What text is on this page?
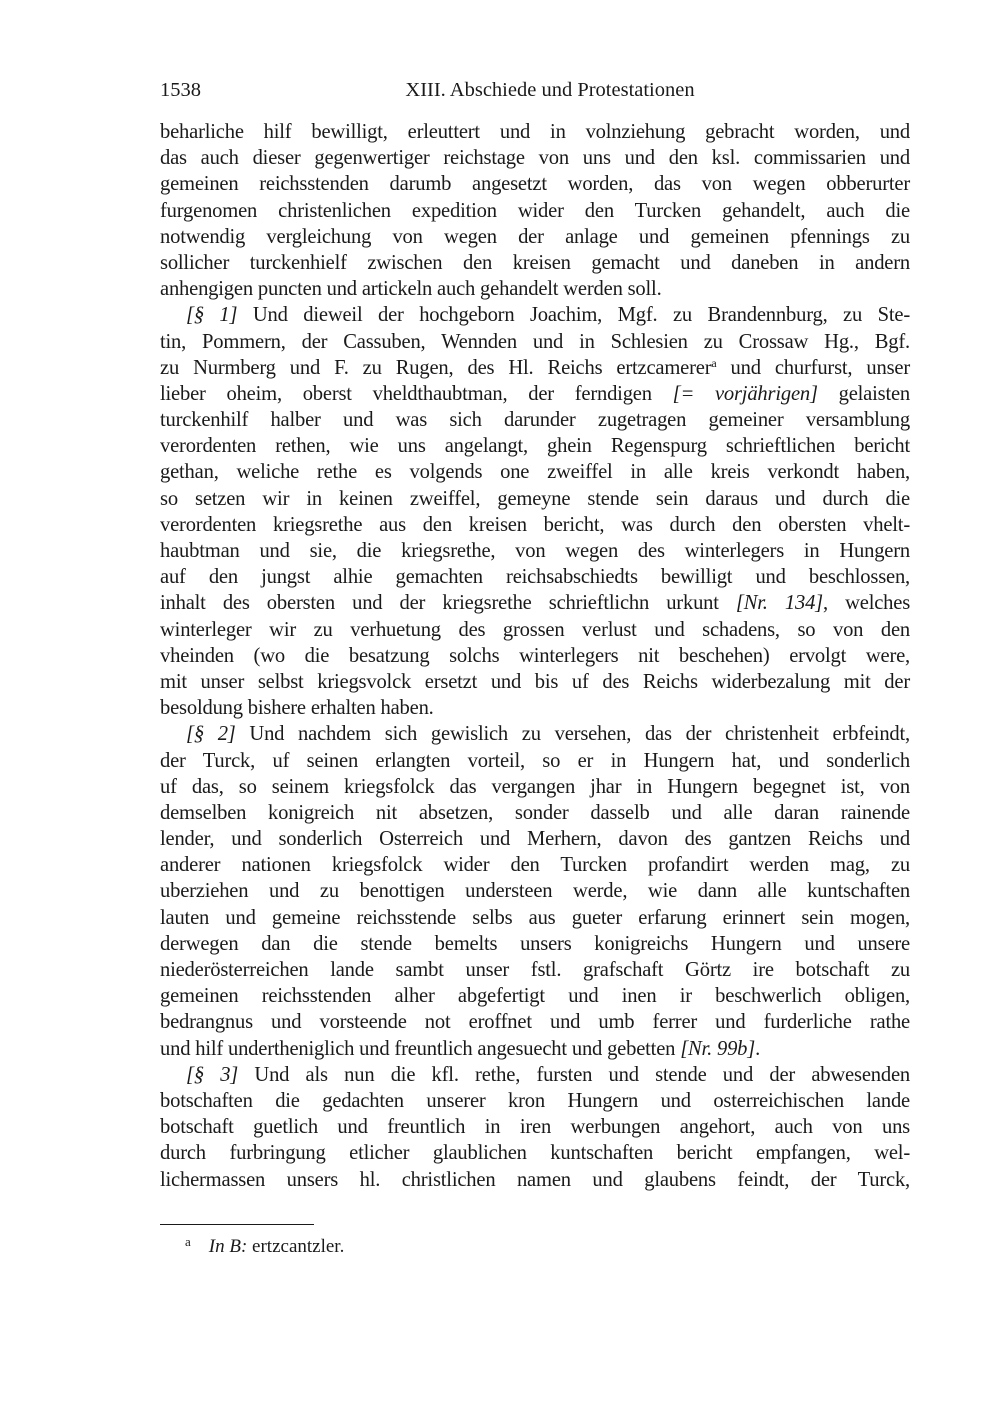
1538	XIII. Abschiede und Protestationen
beharliche hilf bewilligt, erleuttert und in volnziehung gebracht worden, und
das auch dieser gegenwertiger reichstage von uns und den ksl. commissarien und
gemeinen reichsstenden darumb angesetzt worden, das von wegen obberurter
furgenomen christenlichen expedition wider den Turcken gehandelt, auch die
notwendig vergleichung von wegen der anlage und gemeinen pfennings zu
sollicher turckenhielf zwischen den kreisen gemacht und daneben in andern
anhengigen puncten und artickeln auch gehandelt werden soll.
[§ 1] Und dieweil der hochgeborn Joachim, Mgf. zu Brandennburg, zu Ste-
tin, Pommern, der Cassuben, Wennden und in Schlesien zu Crossaw Hg., Bgf.
zu Nurmberg und F. zu Rugen, des Hl. Reichs ertzcamerer$^a$ und churfurst, unser
lieber oheim, oberst vheldthaubtman, der ferndigen [= vorjährigen] gelaisten
turckenhilf halber und was sich darunder zugetragen gemeiner versamblung
verordenten rethen, wie uns angelangt, ghein Regenspurg schrieftlichen bericht
gethan, weliche rethe es volgends one zweiffel in alle kreis verkondt haben,
so setzen wir in keinen zweiffel, gemeyne stende sein daraus und durch die
verordenten kriegsrethe aus den kreisen bericht, was durch den obersten vhelt-
haubtman und sie, die kriegsrethe, von wegen des winterlegers in Hungern
auf den jungst alhie gemachten reichsabschiedts bewilligt und beschlossen,
inhalt des obersten und der kriegsrethe schrieftlichn urkunt [Nr. 134], welches
winterleger wir zu verhuetung des grossen verlust und schadens, so von den
vheinden (wo die besatzung solchs winterlegers nit beschehen) ervolgt were,
mit unser selbst kriegsvolck ersetzt und bis uf des Reichs widerbezalung mit der
besoldung bishere erhalten haben.
[§ 2] Und nachdem sich gewislich zu versehen, das der christenheit erbfeindt,
der Turck, uf seinen erlangten vorteil, so er in Hungern hat, und sonderlich
uf das, so seinem kriegsfolck das vergangen jhar in Hungern begegnet ist, von
demselben konigreich nit absetzen, sonder dasselb und alle daran rainende
lender, und sonderlich Osterreich und Merhern, davon des gantzen Reichs und
anderer nationen kriegsfolck wider den Turcken profandirt werden mag, zu
uberziehen und zu benottigen understeen werde, wie dann alle kuntschaften
lauten und gemeine reichsstende selbs aus gueter erfarung erinnert sein mogen,
derwegen dan die stende bemelts unsers konigreichs Hungern und unsere
niederösterreichen lande sambt unser fstl. grafschaft Görtz ire botschaft zu
gemeinen reichsstenden alher abgefertigt und inen ir beschwerlich obligen,
bedrangnus und vorsteende not eroffnet und umb ferrer und furderliche rathe
und hilf undertheniglich und freuntlich angesuecht und gebetten [Nr. 99b].
[§ 3] Und als nun die kfl. rethe, fursten und stende und der abwesenden
botschaften die gedachten unserer kron Hungern und osterreichischen lande
botschaft guetlich und freuntlich in iren werbungen angehort, auch von uns
durch furbringung etlicher glaublichen kuntschaften bericht empfangen, wel-
lichermassen unsers hl. christlichen namen und glaubens feindt, der Turck,
$^a$ In B: ertzcantzler.
